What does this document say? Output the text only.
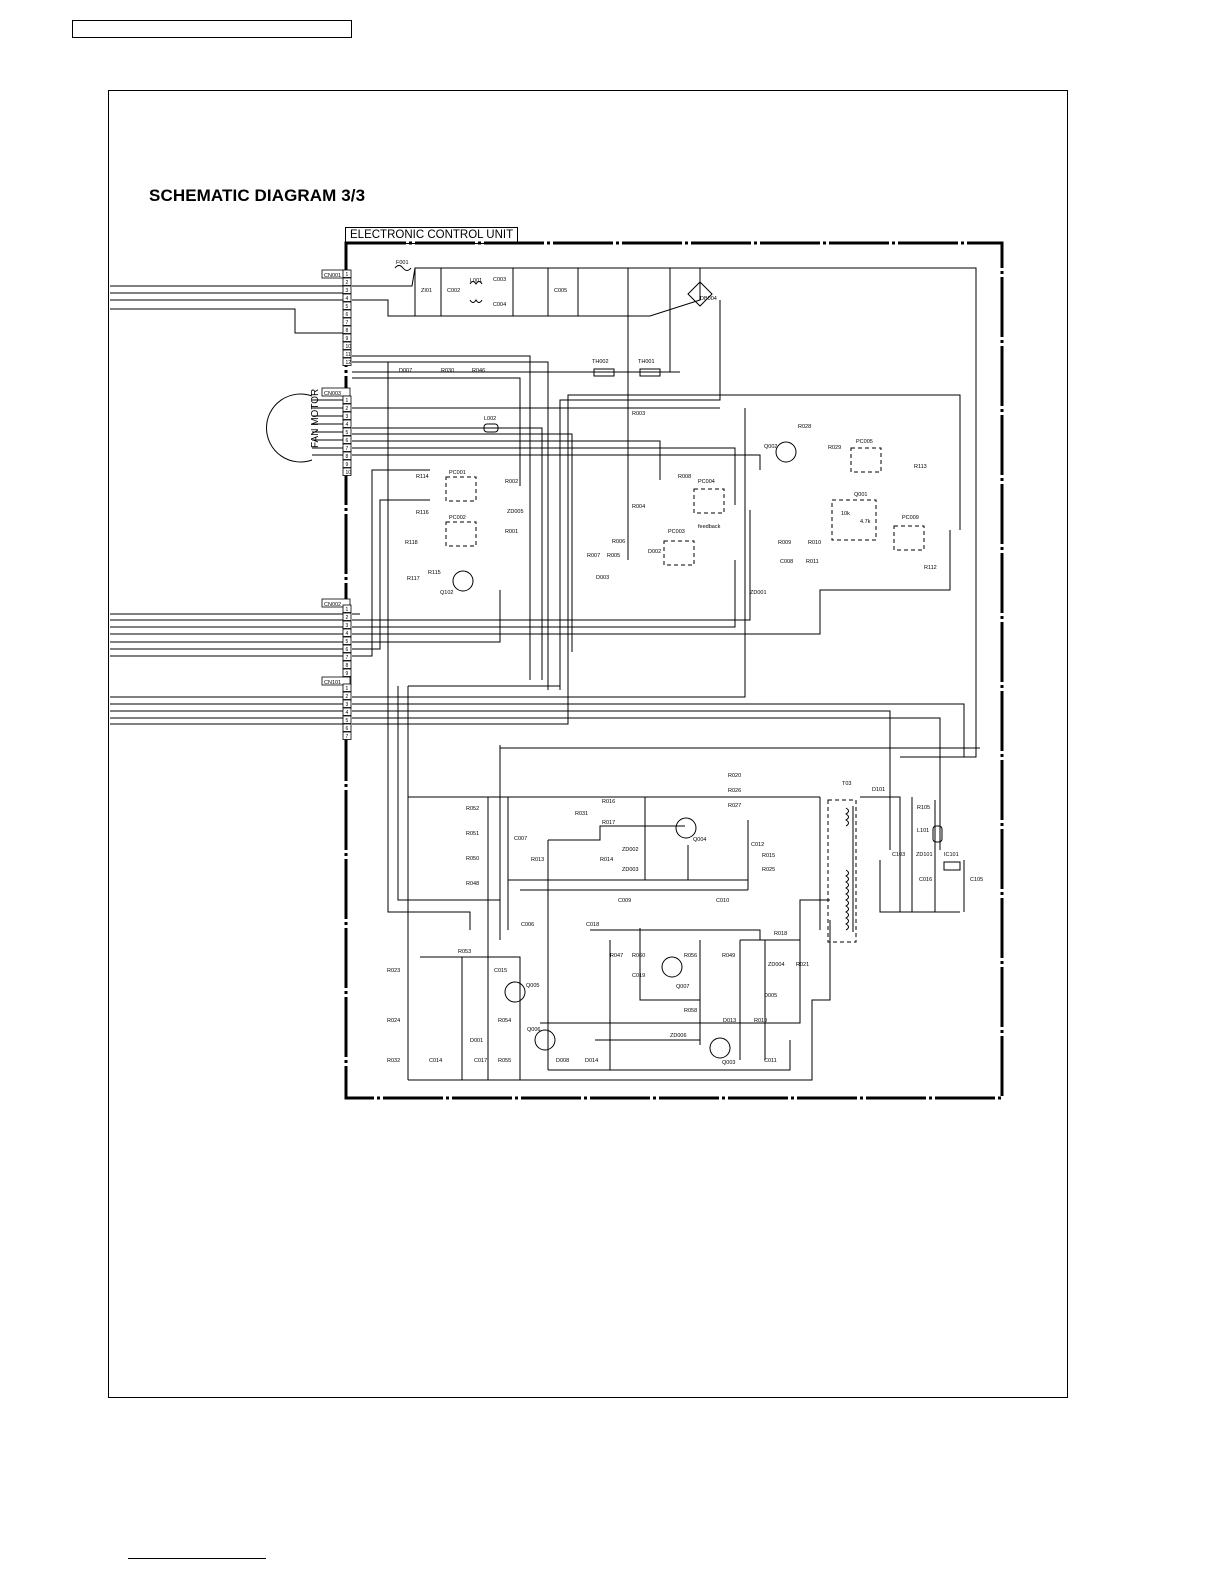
SCHEMATIC DIAGRAM 3/3
ELECTRONIC CONTROL UNIT
F001
ZI01	C002
L001 C003
C004
C005
DB004
D007	R030	R046
TH002	TH001
L002
R003
R114
PC001
R002
ZD005
R116
PC002
R001
R118
R115
R117
Q102
R008
PC004
R004
R006
PC003
D002
R007 R005
D003
Q002
R028
R029
PC005
R113
Q001
PC009
R009
C008
R010
R011
ZD001
R112
R020
R026
R027
T03
D101
R105
L101
C103 ZD101 IC101
C016	C105
R052
R051
R050
R048
C007
R031
R016
R017
Q004
ZD002
ZD003
R013	R014
C012
R015
R025
C009	C010
C006	C018
R053
R023	C015
Q005
R024	R054
Q006
D001
R032	C014	C017 R055	D008	D014
R047 R060
C019
R056
Q007
R058
R049
ZD006
D013
Q003
R018
ZD004 R021
D005
R019
C011
10k
4.7k
FAN MOTOR
feedback
CN001 1
2
3
4
5
6
7
8
9
10
11
12
CN003
1
2
3
4
5
6
7
8
9
10
CN002
1
2
3
4
5
6
7
8
9
CN101
1
2
3
4
5
6
7
